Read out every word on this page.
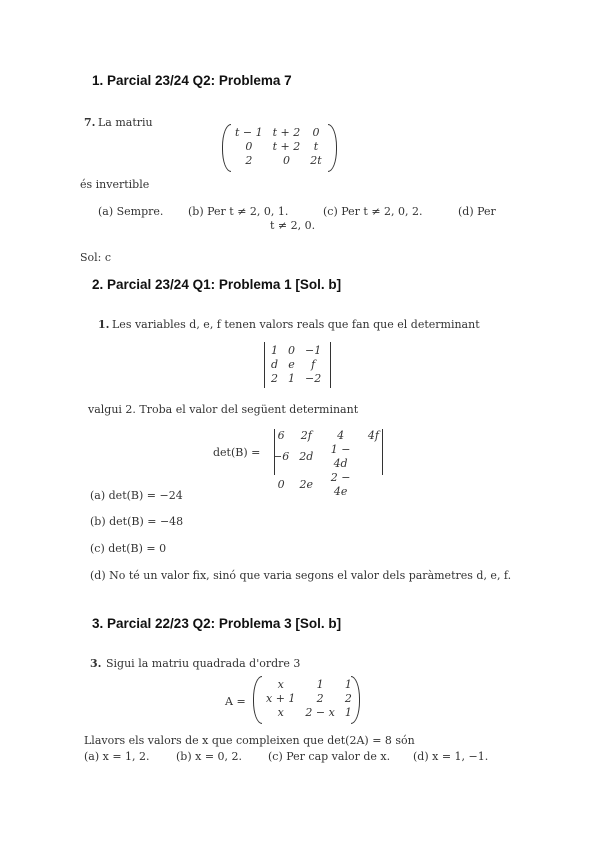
1. Parcial 23/24 Q2: Problema 7
7. La matriu
t − 1	t + 2	0
0	t + 2	t
2	0	2t
és invertible
(a) Sempre. (b) Per t ≠ 2, 0, 1.	(c) Per t ≠ 2, 0, 2.	(d) Per
t ≠ 2, 0.
Sol: c
2. Parcial 23/24 Q1: Problema 1 [Sol. b]
1. Les variables d, e, f tenen valors reals que fan que el determinant
1	0	−1
d	e	f
2	1	−2
valgui 2. Troba el valor del següent determinant
det(B) =
6	2f	4	4f
−6	2d	1 − 4d	
0	2e	2 − 4e	
(a) det(B) = −24
(b) det(B) = −48
(c) det(B) = 0
(d) No té un valor fix, sinó que varia segons el valor dels paràmetres d, e, f.
3. Parcial 22/23 Q2: Problema 3 [Sol. b]
3. Sigui la matriu quadrada d'ordre 3
A =
x	1	1
x + 1	2	2
x	2 − x	1
Llavors els valors de x que compleixen que det(2A) = 8 són
(a) x = 1, 2. (b) x = 0, 2. (c) Per cap valor de x. (d) x = 1, −1.
